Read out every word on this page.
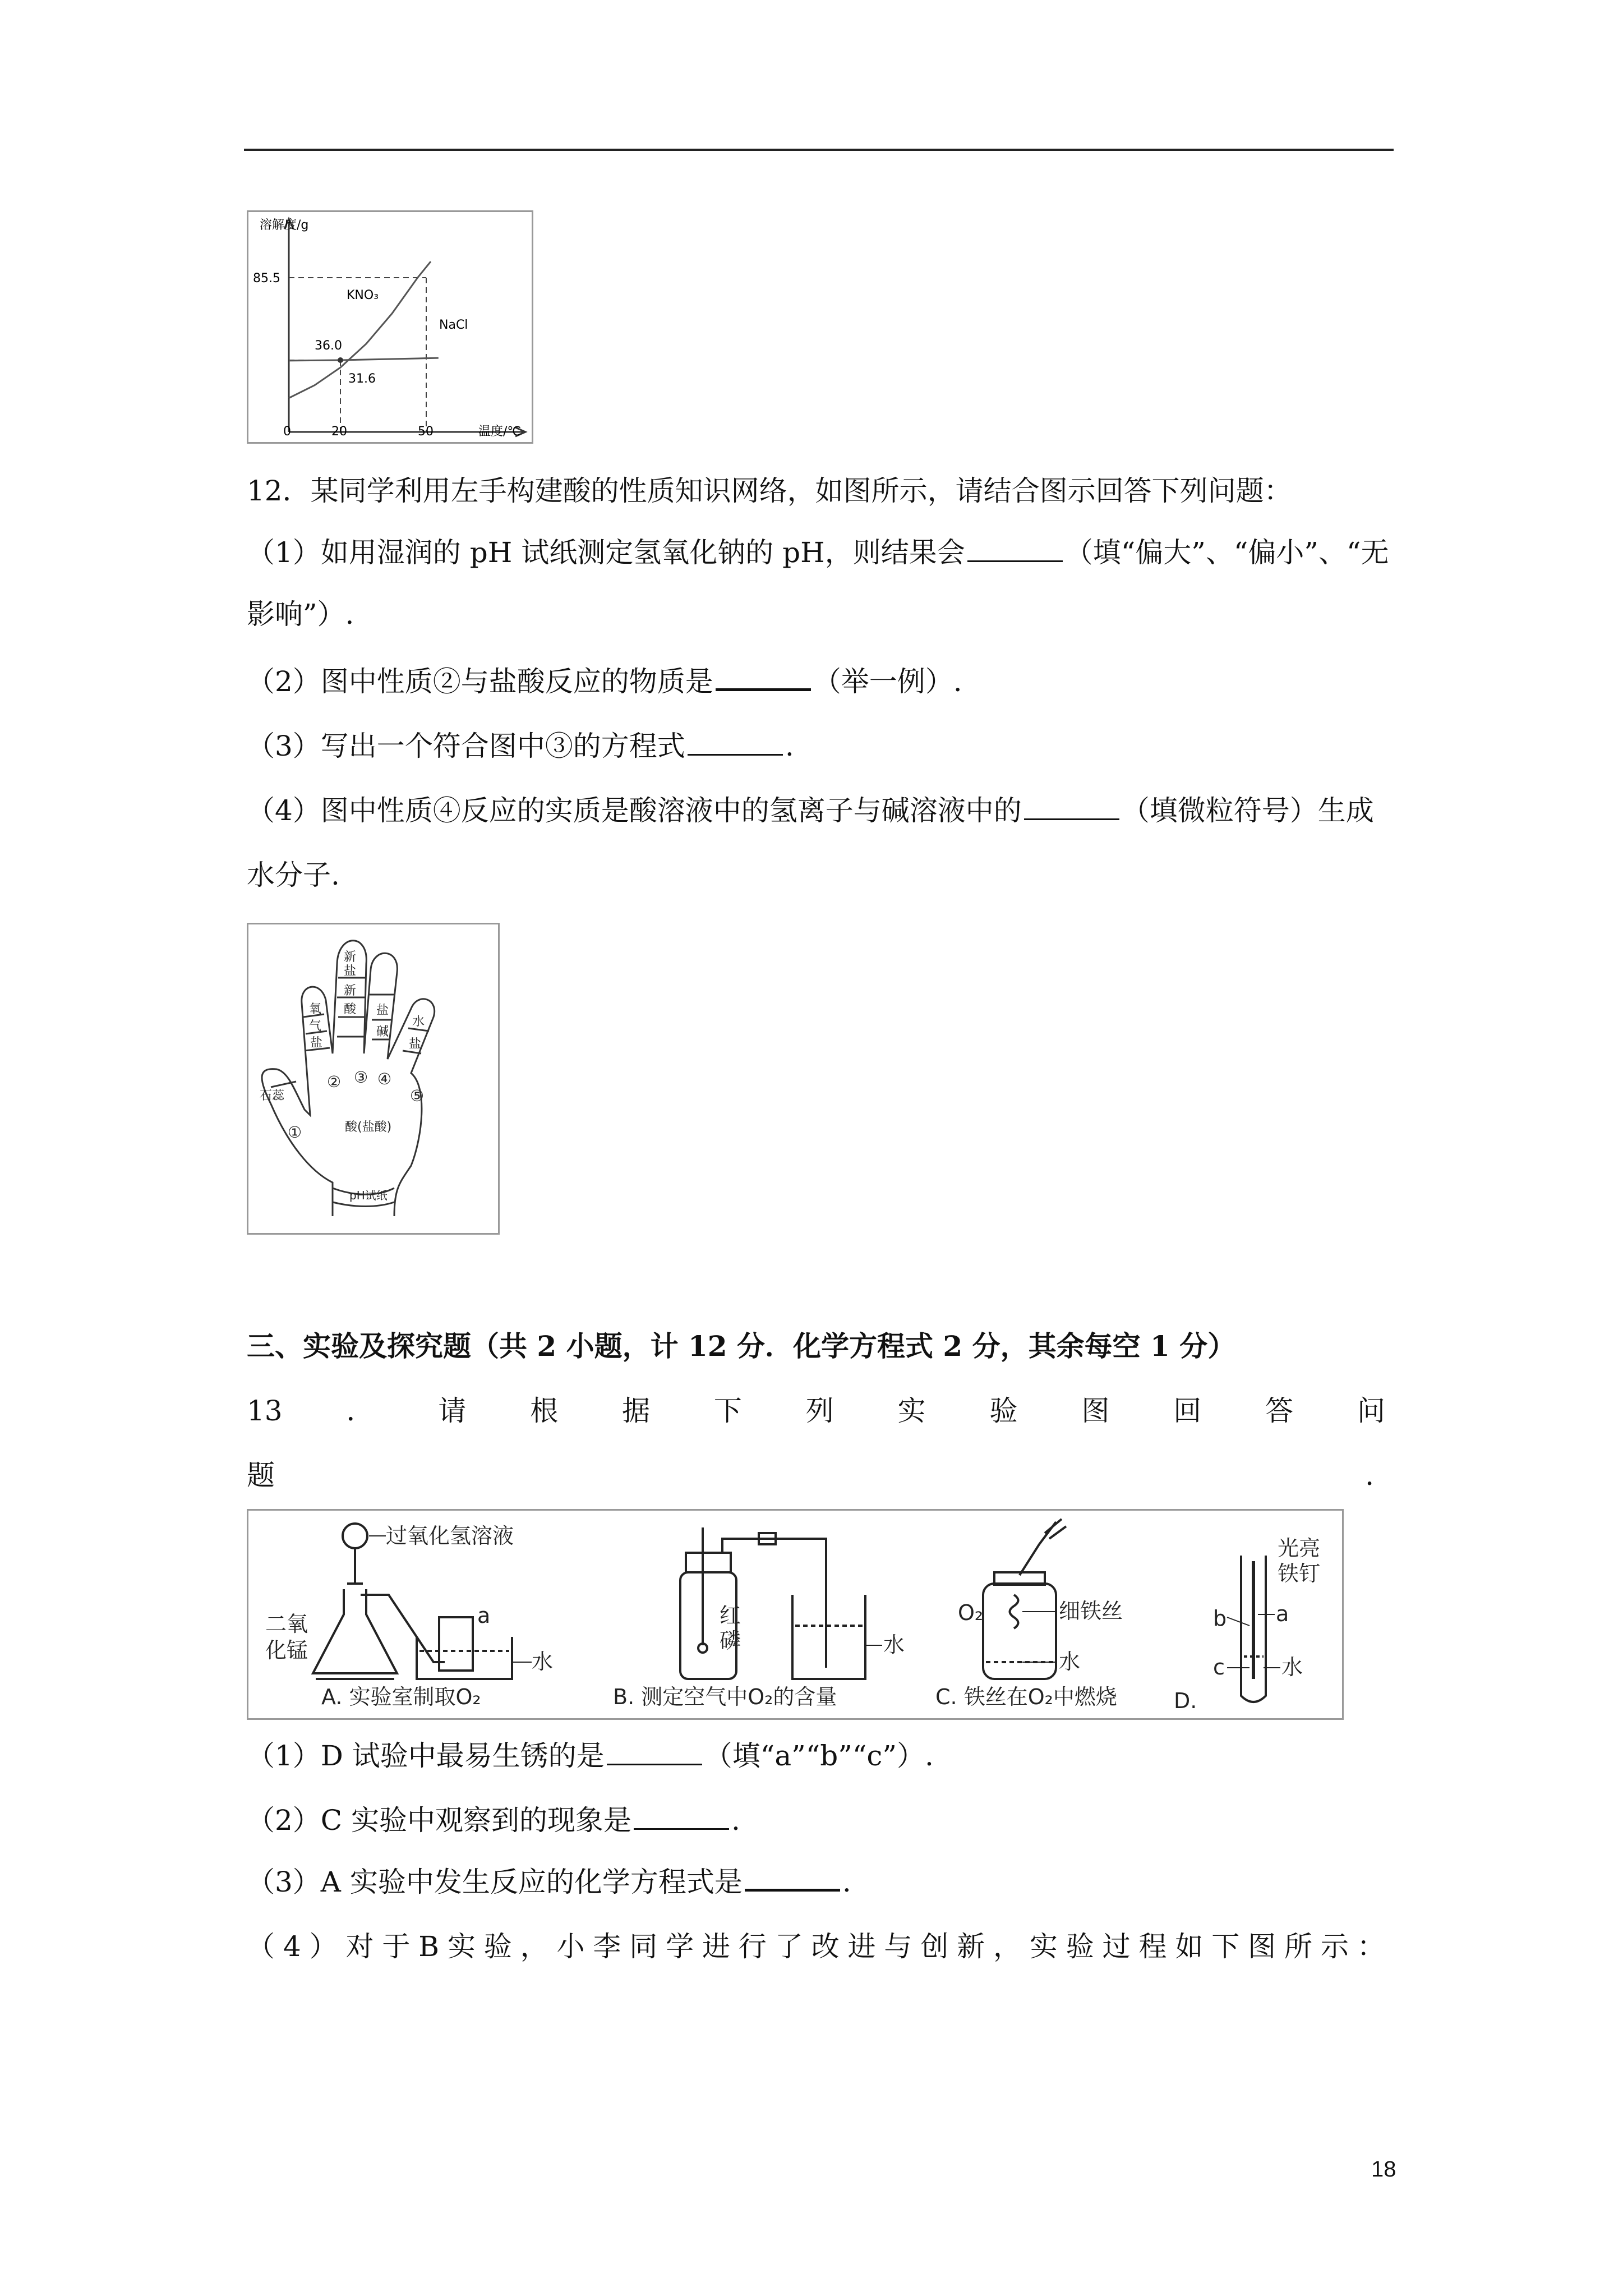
溶解度/g
温度/℃
85.5
0	20	50
KNO₃
NaCl
36.0
31.6
12．某同学利用左手构建酸的性质知识网络，如图所示，请结合图示回答下列问题：
（1）如用湿润的 pH 试纸测定氢氧化钠的 pH，则结果会	（填“偏大”、“偏小”、“无
影响”）.
（2）图中性质②与盐酸反应的物质是	（举一例）.
（3）写出一个符合图中③的方程式	.
（4）图中性质④反应的实质是酸溶液中的氢离子与碱溶液中的	（填微粒符号）生成
水分子.
石蕊
氧
气
盐
新
盐
新
酸 盐
碱
水
盐
①
② ③ ④
⑤
酸(盐酸)
pH试纸
三、实验及探究题（共 2 小题，计 12 分．化学方程式 2 分，其余每空 1 分）
13 ． 请 根 据 下 列 实 验 图 回 答 问
题	.
过氧化氢溶液
二氧
化锰
a
水
A. 实验室制取O₂
红
磷	水
B. 测定空气中O₂的含量
O₂	细铁丝
水
C. 铁丝在O₂中燃烧
光亮
铁钉
b a
c	水
D.
（1）D 试验中最易生锈的是	（填“a”“b”“c”）.
（2）C 实验中观察到的现象是	.
（3）A 实验中发生反应的化学方程式是	.
（ 4 ） 对 于 B 实 验 ， 小 李 同 学 进 行 了 改 进 与 创 新 ， 实 验 过 程 如 下 图 所 示 ：
18
